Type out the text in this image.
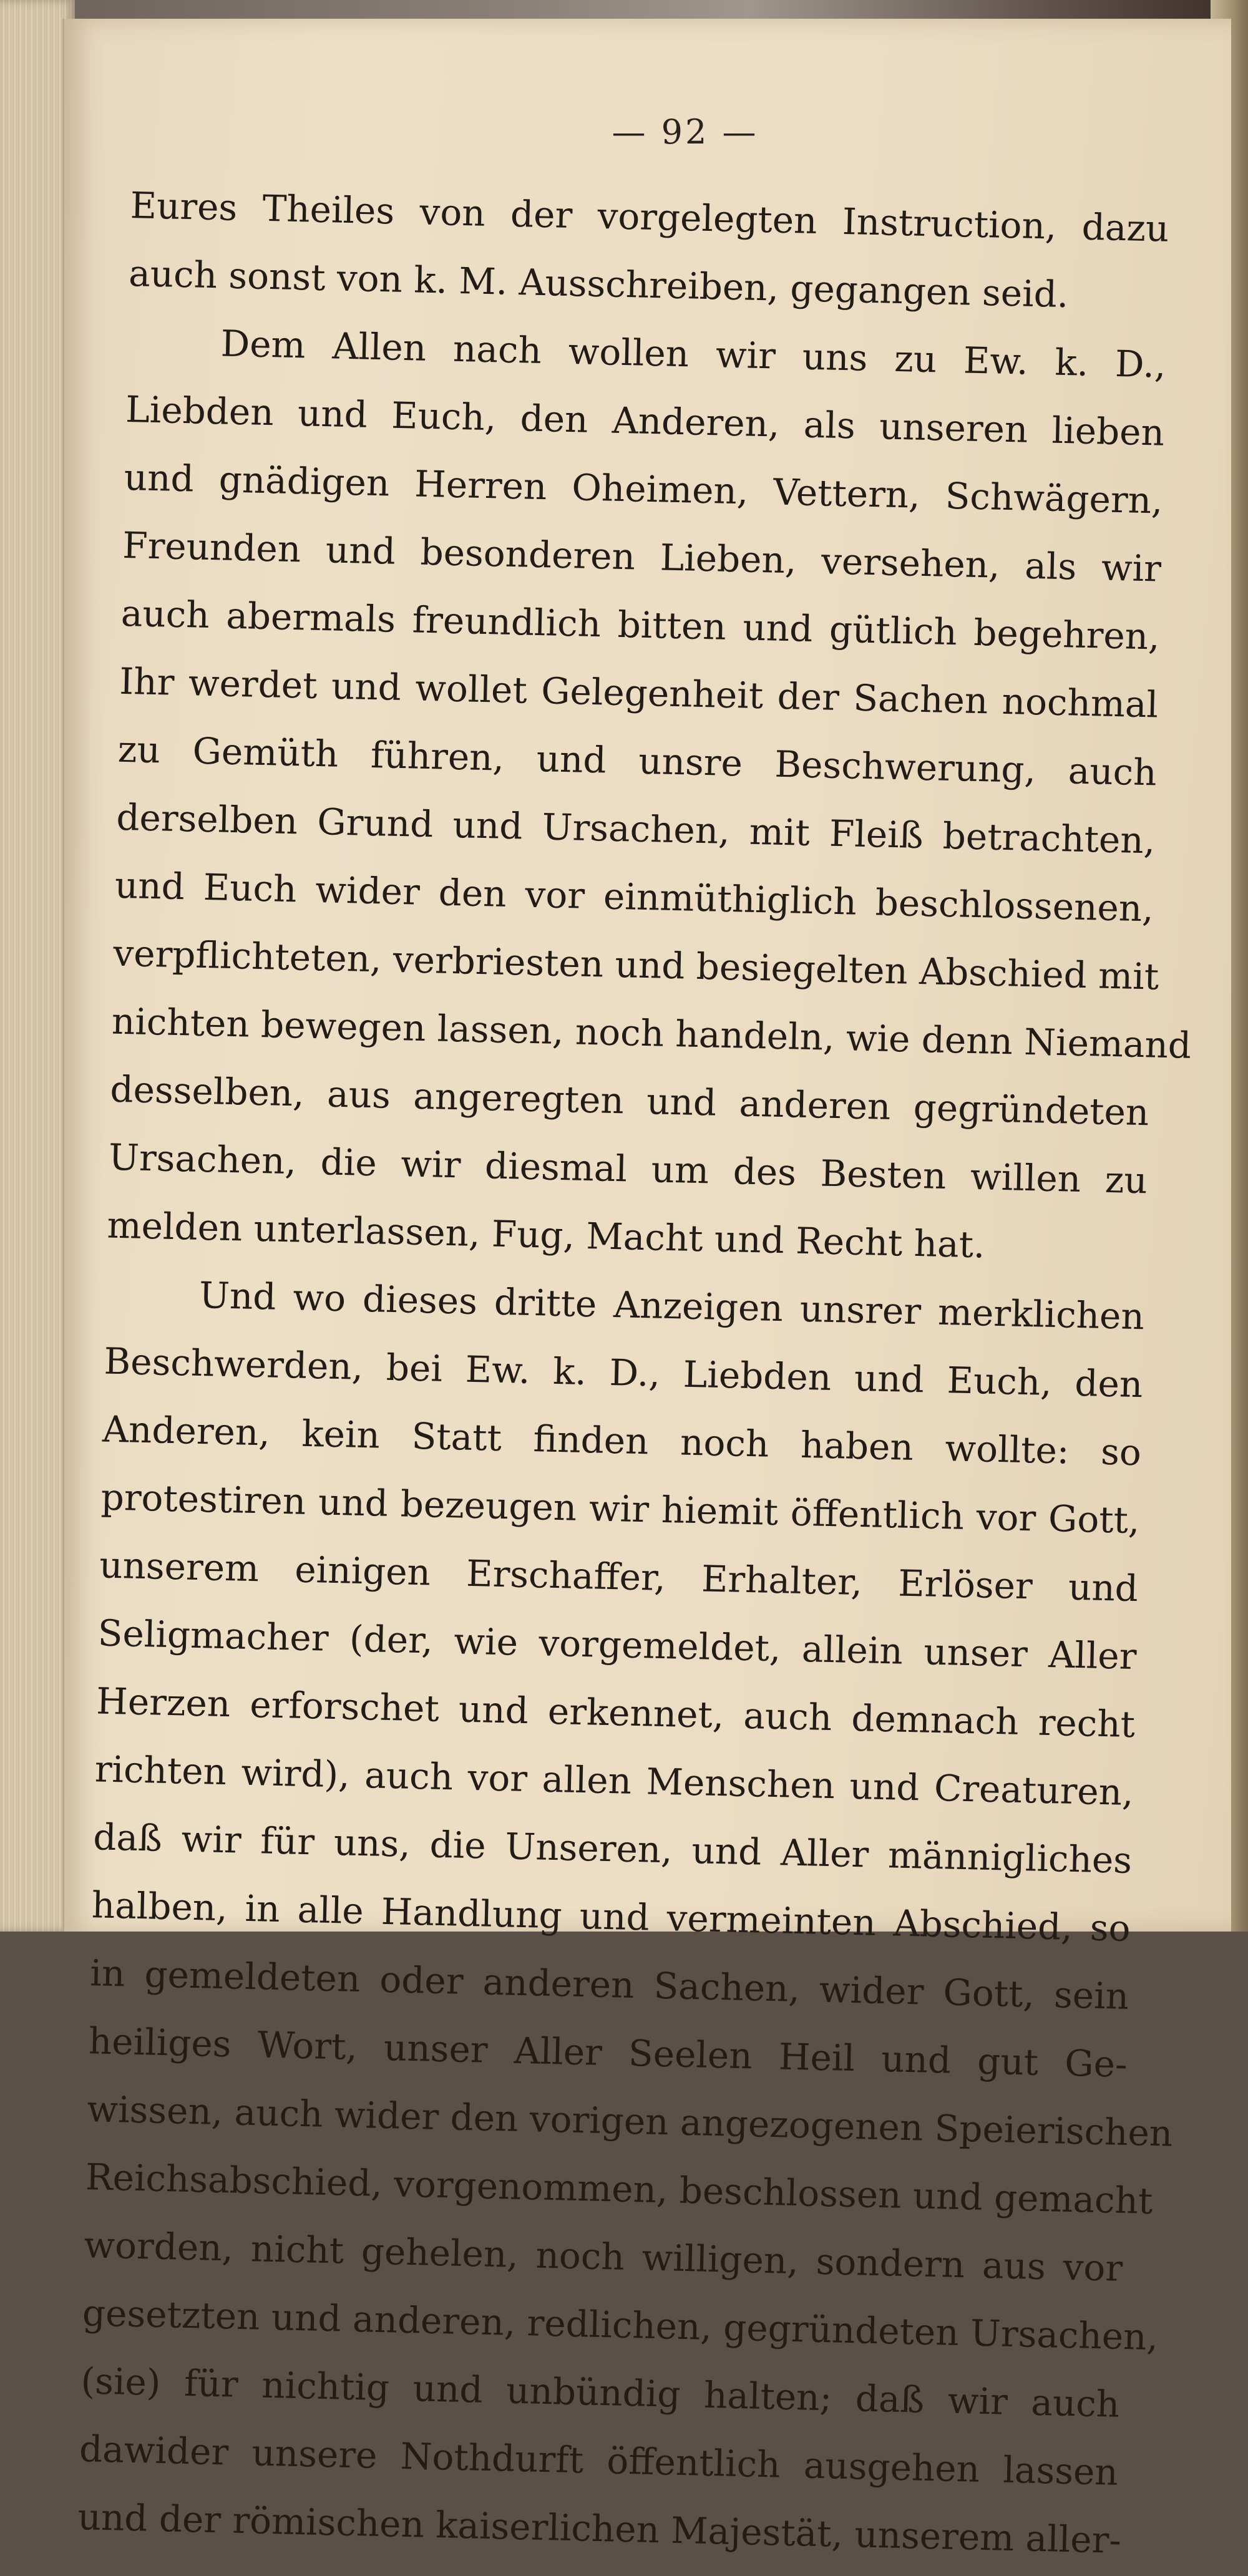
— 92 —
Eures Theiles von der vorgelegten Instruction, dazu
auch sonst von k. M. Ausschreiben, gegangen seid.
Dem Allen nach wollen wir uns zu Ew. k. D.,
Liebden und Euch, den Anderen, als unseren lieben
und gnädigen Herren Oheimen, Vettern, Schwägern,
Freunden und besonderen Lieben, versehen, als wir
auch abermals freundlich bitten und gütlich begehren,
Ihr werdet und wollet Gelegenheit der Sachen nochmal
zu Gemüth führen, und unsre Beschwerung, auch
derselben Grund und Ursachen, mit Fleiß betrachten,
und Euch wider den vor einmüthiglich beschlossenen,
verpflichteten, verbriesten und besiegelten Abschied mit
nichten bewegen lassen, noch handeln, wie denn Niemand
desselben, aus angeregten und anderen gegründeten
Ursachen, die wir diesmal um des Besten willen zu
melden unterlassen, Fug, Macht und Recht hat.
Und wo dieses dritte Anzeigen unsrer merklichen
Beschwerden, bei Ew. k. D., Liebden und Euch, den
Anderen, kein Statt finden noch haben wollte: so
protestiren und bezeugen wir hiemit öffentlich vor Gott,
unserem einigen Erschaffer, Erhalter, Erlöser und
Seligmacher (der, wie vorgemeldet, allein unser Aller
Herzen erforschet und erkennet, auch demnach recht
richten wird), auch vor allen Menschen und Creaturen,
daß wir für uns, die Unseren, und Aller männigliches
halben, in alle Handlung und vermeinten Abschied, so
in gemeldeten oder anderen Sachen, wider Gott, sein
heiliges Wort, unser Aller Seelen Heil und gut Ge-
wissen, auch wider den vorigen angezogenen Speierischen
Reichsabschied, vorgenommen, beschlossen und gemacht
worden, nicht gehelen, noch willigen, sondern aus vor
gesetzten und anderen, redlichen, gegründeten Ursachen,
(sie) für nichtig und unbündig halten; daß wir auch
dawider unsere Nothdurft öffentlich ausgehen lassen
und der römischen kaiserlichen Majestät, unserem aller-
